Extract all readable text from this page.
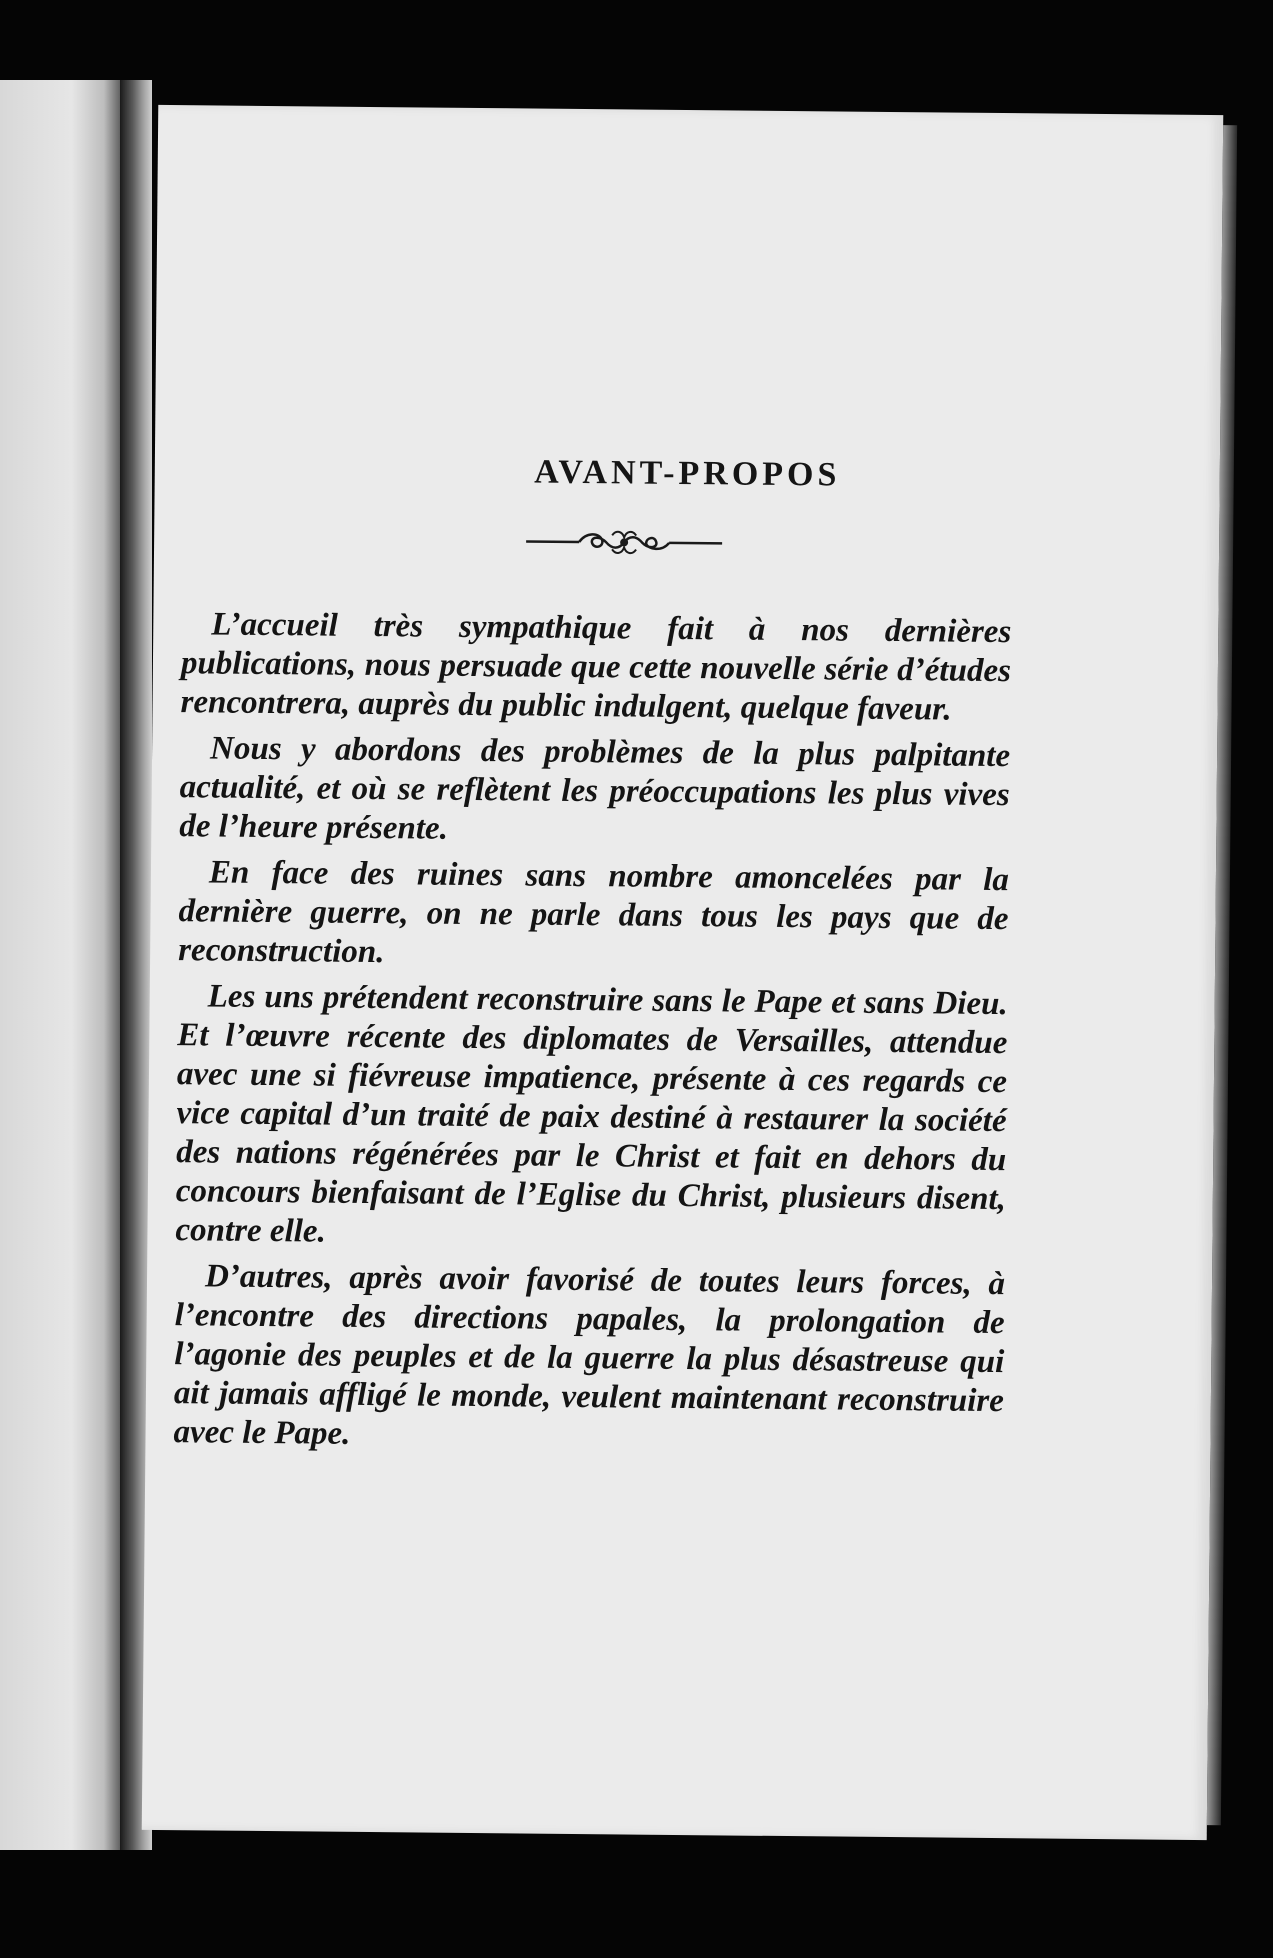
AVANT-PROPOS

L’accueil très sympathique fait à nos dernières publications, nous persuade que cette nouvelle série d’études rencontrera, auprès du public indulgent, quelque faveur.

Nous y abordons des problèmes de la plus palpitante actualité, et où se reflètent les préoccupations les plus vives de l’heure présente.

En face des ruines sans nombre amoncelées par la dernière guerre, on ne parle dans tous les pays que de reconstruction.

Les uns prétendent reconstruire sans le Pape et sans Dieu. Et l’œuvre récente des diplomates de Versailles, attendue avec une si fiévreuse impatience, présente à ces regards ce vice capital d’un traité de paix destiné à restaurer la société des nations régénérées par le Christ et fait en dehors du concours bienfaisant de l’Eglise du Christ, plusieurs disent, contre elle.

D’autres, après avoir favorisé de toutes leurs forces, à l’encontre des directions papales, la prolongation de l’agonie des peuples et de la guerre la plus désastreuse qui ait jamais affligé le monde, veulent maintenant reconstruire avec le Pape.
